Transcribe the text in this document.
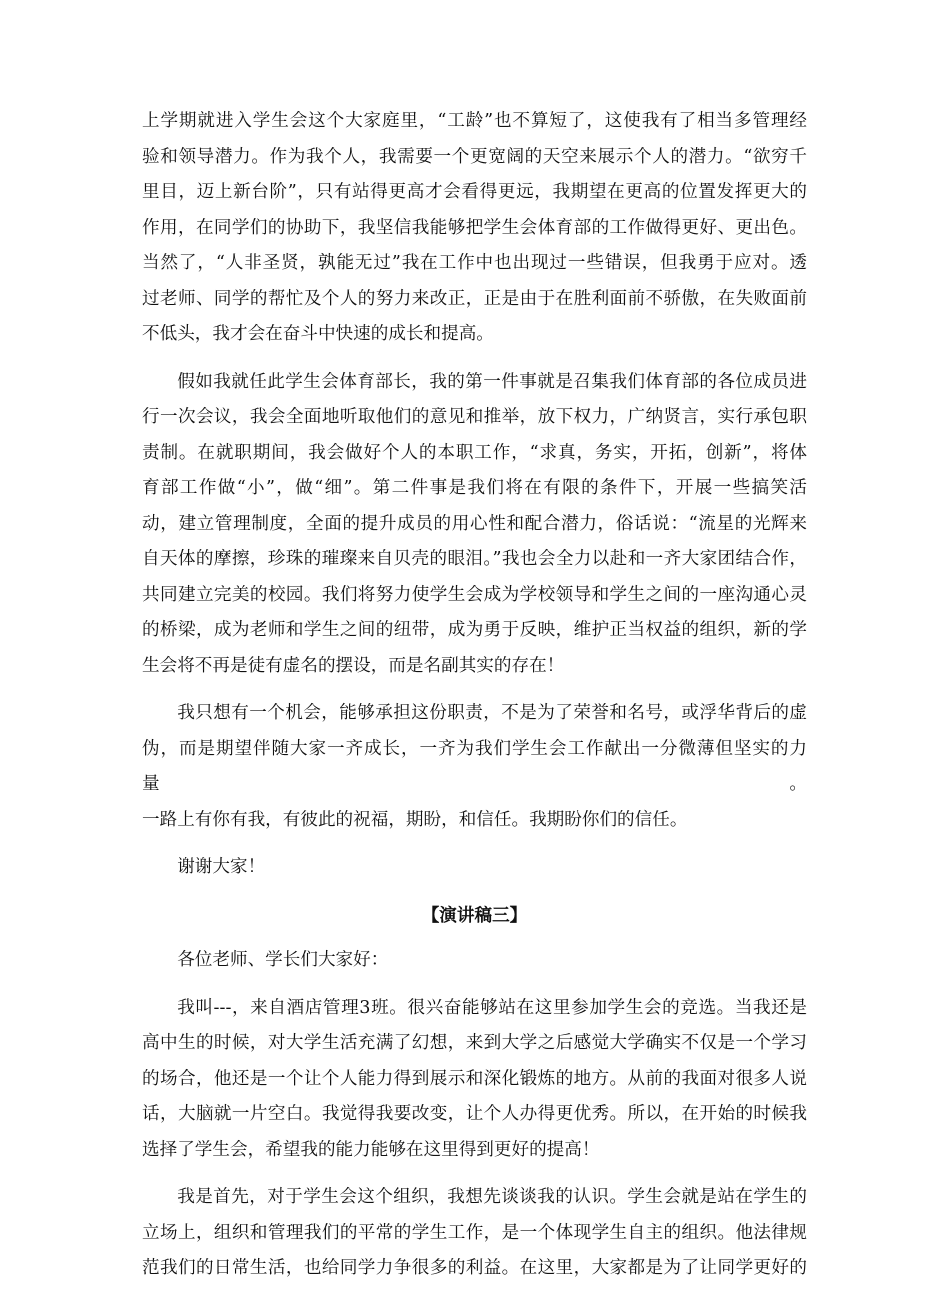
上学期就进入学生会这个大家庭里，“工龄”也不算短了，这使我有了相当多管理经
验和领导潜力。作为我个人，我需要一个更宽阔的天空来展示个人的潜力。“欲穷千
里目，迈上新台阶”，只有站得更高才会看得更远，我期望在更高的位置发挥更大的
作用，在同学们的协助下，我坚信我能够把学生会体育部的工作做得更好、更出色。
当然了，“人非圣贤，孰能无过”我在工作中也出现过一些错误，但我勇于应对。透
过老师、同学的帮忙及个人的努力来改正，正是由于在胜利面前不骄傲，在失败面前
不低头，我才会在奋斗中快速的成长和提高。
假如我就任此学生会体育部长，我的第一件事就是召集我们体育部的各位成员进
行一次会议，我会全面地听取他们的意见和推举，放下权力，广纳贤言，实行承包职
责制。在就职期间，我会做好个人的本职工作，“求真，务实，开拓，创新”，将体
育部工作做“小”，做“细”。第二件事是我们将在有限的条件下，开展一些搞笑活
动，建立管理制度，全面的提升成员的用心性和配合潜力，俗话说：“流星的光辉来
自天体的摩擦，珍珠的璀璨来自贝壳的眼泪。”我也会全力以赴和一齐大家团结合作，
共同建立完美的校园。我们将努力使学生会成为学校领导和学生之间的一座沟通心灵
的桥梁，成为老师和学生之间的纽带，成为勇于反映，维护正当权益的组织，新的学
生会将不再是徒有虚名的摆设，而是名副其实的存在！
我只想有一个机会，能够承担这份职责，不是为了荣誉和名号，或浮华背后的虚
伪，而是期望伴随大家一齐成长，一齐为我们学生会工作献出一分微薄但坚实的力量。
一路上有你有我，有彼此的祝福，期盼，和信任。我期盼你们的信任。
谢谢大家！
【演讲稿三】
各位老师、学长们大家好：
我叫---，来自酒店管理3班。很兴奋能够站在这里参加学生会的竞选。当我还是
高中生的时候，对大学生活充满了幻想，来到大学之后感觉大学确实不仅是一个学习
的场合，他还是一个让个人能力得到展示和深化锻炼的地方。从前的我面对很多人说
话，大脑就一片空白。我觉得我要改变，让个人办得更优秀。所以，在开始的时候我
选择了学生会，希望我的能力能够在这里得到更好的提高！
我是首先，对于学生会这个组织，我想先谈谈我的认识。学生会就是站在学生的
立场上，组织和管理我们的平常的学生工作，是一个体现学生自主的组织。他法律规
范我们的日常生活，也给同学力争很多的利益。在这里，大家都是为了让同学更好的
